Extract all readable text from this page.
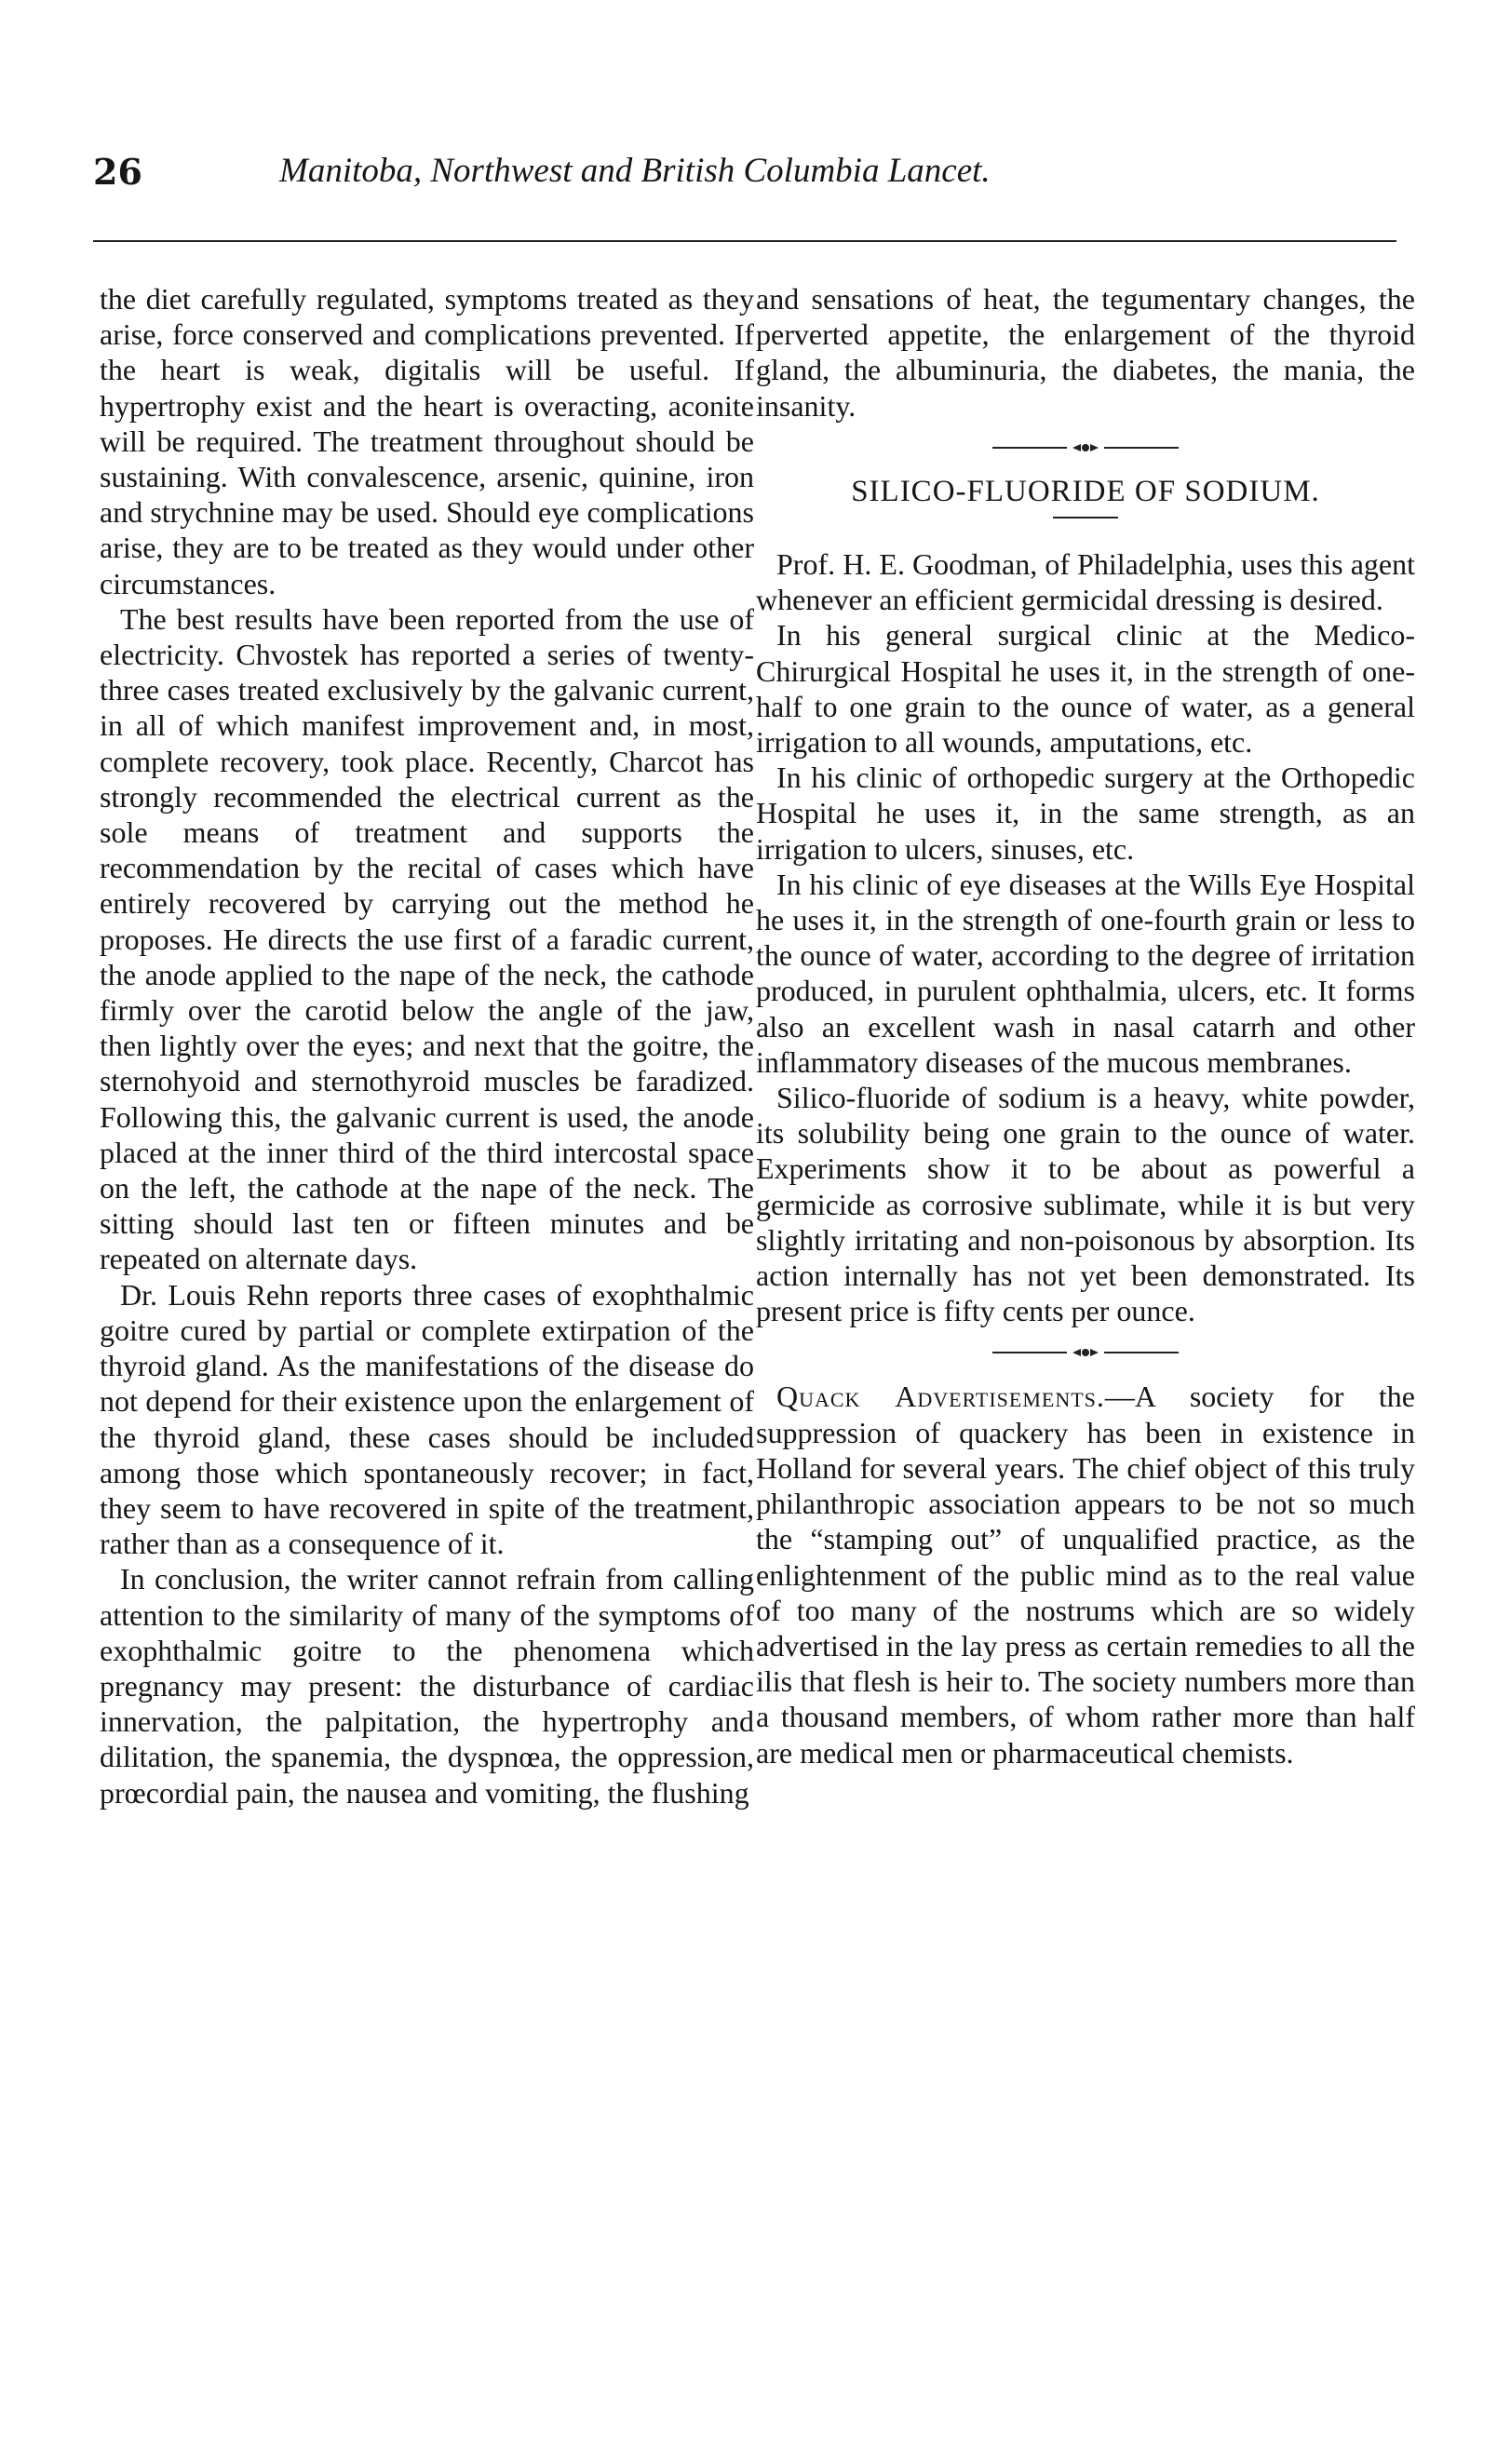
26	Manitoba, Northwest and British Columbia Lancet.

the diet carefully regulated, symptoms treated as they arise, force conserved and complications prevented. If the heart is weak, digitalis will be useful. If hypertrophy exist and the heart is overacting, aconite will be required. The treatment throughout should be sustaining. With convalescence, arsenic, quinine, iron and strychnine may be used. Should eye complications arise, they are to be treated as they would under other circumstances.

The best results have been reported from the use of electricity. Chvostek has reported a series of twenty-three cases treated exclusively by the galvanic current, in all of which manifest improvement and, in most, complete recovery, took place. Recently, Charcot has strongly recommended the electrical current as the sole means of treatment and supports the recommendation by the recital of cases which have entirely recovered by carrying out the method he proposes. He directs the use first of a faradic current, the anode applied to the nape of the neck, the cathode firmly over the carotid below the angle of the jaw, then lightly over the eyes; and next that the goitre, the sternohyoid and sternothyroid muscles be faradized. Following this, the galvanic current is used, the anode placed at the inner third of the third intercostal space on the left, the cathode at the nape of the neck. The sitting should last ten or fifteen minutes and be repeated on alternate days.

Dr. Louis Rehn reports three cases of exophthalmic goitre cured by partial or complete extirpation of the thyroid gland. As the manifestations of the disease do not depend for their existence upon the enlargement of the thyroid gland, these cases should be included among those which spontaneously recover; in fact, they seem to have recovered in spite of the treatment, rather than as a consequence of it.

In conclusion, the writer cannot refrain from calling attention to the similarity of many of the symptoms of exophthalmic goitre to the phenomena which pregnancy may present: the disturbance of cardiac innervation, the palpitation, the hypertrophy and dilitation, the spanemia, the dyspnœa, the oppression, prœcordial pain, the nausea and vomiting, the flushing

and sensations of heat, the tegumentary changes, the perverted appetite, the enlargement of the thyroid gland, the albuminuria, the diabetes, the mania, the insanity.

SILICO-FLUORIDE OF SODIUM.

Prof. H. E. Goodman, of Philadelphia, uses this agent whenever an efficient germicidal dressing is desired.

In his general surgical clinic at the Medico-Chirurgical Hospital he uses it, in the strength of one-half to one grain to the ounce of water, as a general irrigation to all wounds, amputations, etc.

In his clinic of orthopedic surgery at the Orthopedic Hospital he uses it, in the same strength, as an irrigation to ulcers, sinuses, etc.

In his clinic of eye diseases at the Wills Eye Hospital he uses it, in the strength of one-fourth grain or less to the ounce of water, according to the degree of irritation produced, in purulent ophthalmia, ulcers, etc. It forms also an excellent wash in nasal catarrh and other inflammatory diseases of the mucous membranes.

Silico-fluoride of sodium is a heavy, white powder, its solubility being one grain to the ounce of water. Experiments show it to be about as powerful a germicide as corrosive sublimate, while it is but very slightly irritating and non-poisonous by absorption. Its action internally has not yet been demonstrated. Its present price is fifty cents per ounce.

Quack Advertisements.—A society for the suppression of quackery has been in existence in Holland for several years. The chief object of this truly philanthropic association appears to be not so much the “stamping out” of unqualified practice, as the enlightenment of the public mind as to the real value of too many of the nostrums which are so widely advertised in the lay press as certain remedies to all the ilis that flesh is heir to. The society numbers more than a thousand members, of whom rather more than half are medical men or pharmaceutical chemists.
